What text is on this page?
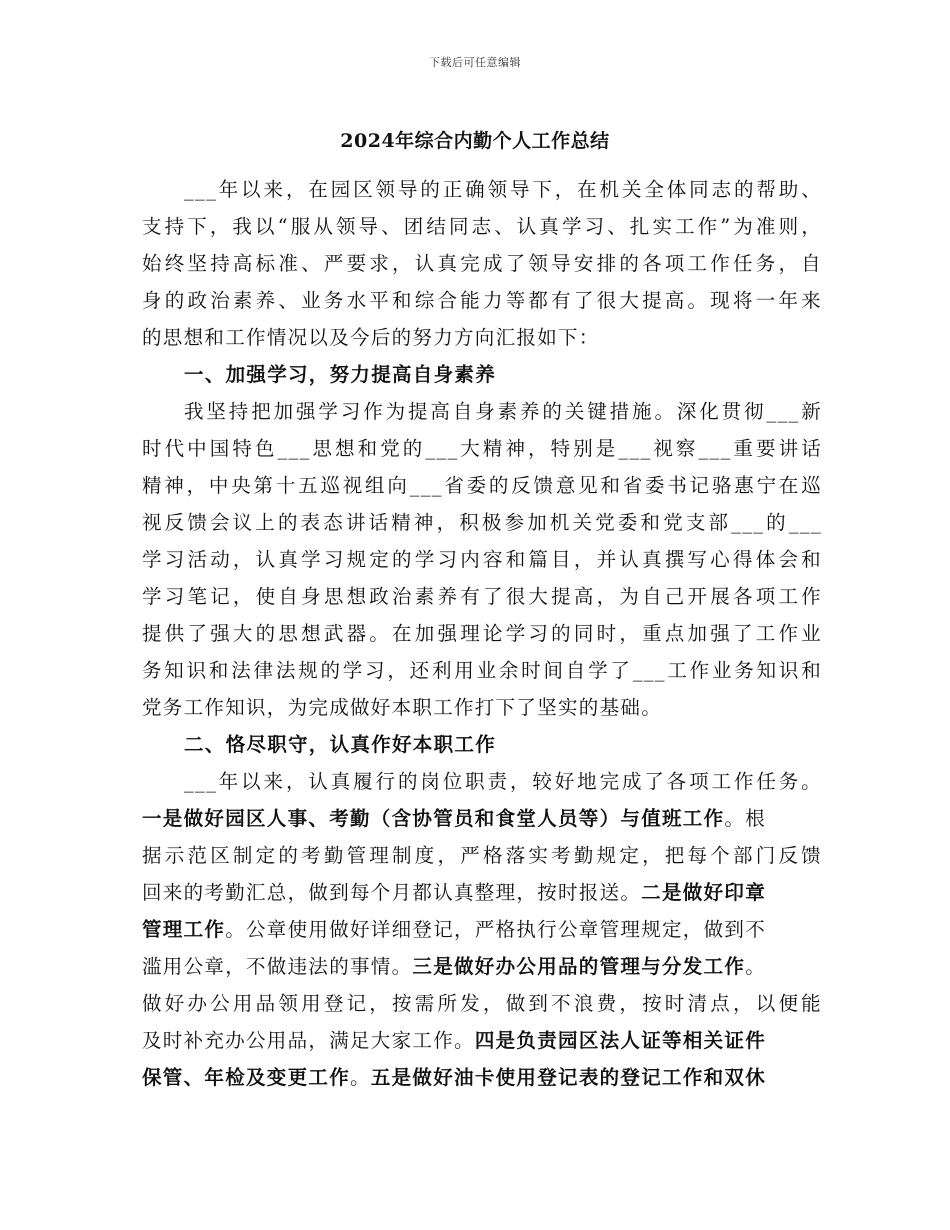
下载后可任意编辑
2024年综合内勤个人工作总结
___年以来，在园区领导的正确领导下，在机关全体同志的帮助、
支持下，我以“服从领导、团结同志、认真学习、扎实工作”为准则，
始终坚持高标准、严要求，认真完成了领导安排的各项工作任务，自
身的政治素养、业务水平和综合能力等都有了很大提高。现将一年来
的思想和工作情况以及今后的努力方向汇报如下：
一、加强学习，努力提高自身素养
我坚持把加强学习作为提高自身素养的关键措施。深化贯彻___新
时代中国特色___思想和党的___大精神，特别是___视察___重要讲话
精神，中央第十五巡视组向___省委的反馈意见和省委书记骆惠宁在巡
视反馈会议上的表态讲话精神，积极参加机关党委和党支部___的___
学习活动，认真学习规定的学习内容和篇目，并认真撰写心得体会和
学习笔记，使自身思想政治素养有了很大提高，为自己开展各项工作
提供了强大的思想武器。在加强理论学习的同时，重点加强了工作业
务知识和法律法规的学习，还利用业余时间自学了___工作业务知识和
党务工作知识，为完成做好本职工作打下了坚实的基础。
二、恪尽职守，认真作好本职工作
___年以来，认真履行的岗位职责，较好地完成了各项工作任务。
一是做好园区人事、考勤（含协管员和食堂人员等）与值班工作。根
据示范区制定的考勤管理制度，严格落实考勤规定，把每个部门反馈
回来的考勤汇总，做到每个月都认真整理，按时报送。二是做好印章
管理工作。公章使用做好详细登记，严格执行公章管理规定，做到不
滥用公章，不做违法的事情。三是做好办公用品的管理与分发工作。
做好办公用品领用登记，按需所发，做到不浪费，按时清点，以便能
及时补充办公用品，满足大家工作。四是负责园区法人证等相关证件
保管、年检及变更工作。五是做好油卡使用登记表的登记工作和双休
